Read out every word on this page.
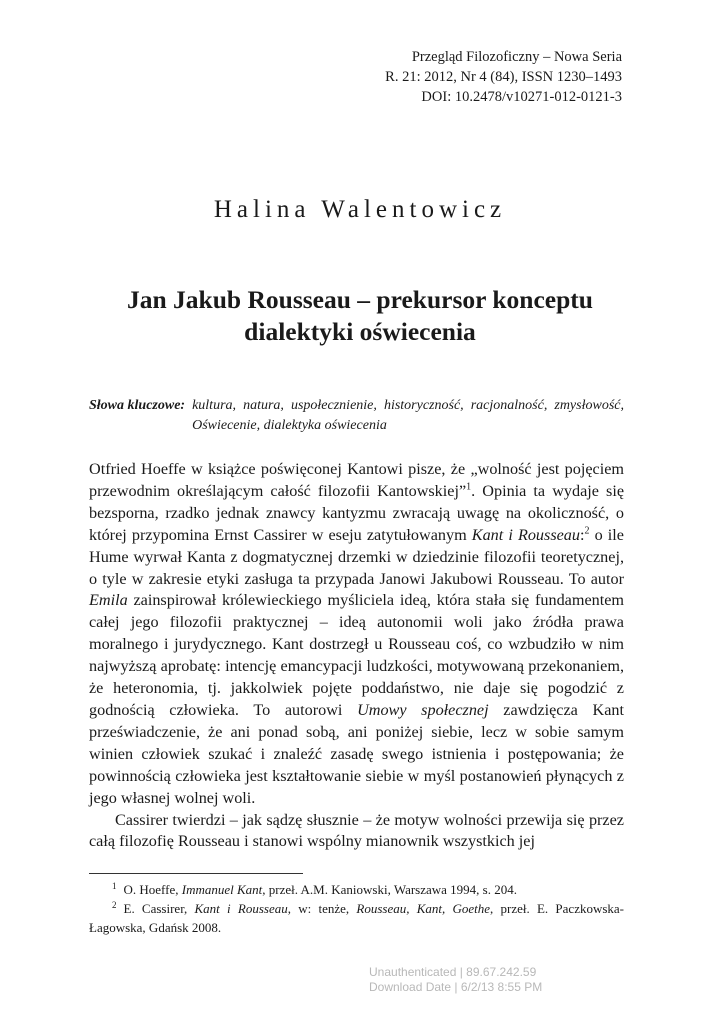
Przegląd Filozoficzny – Nowa Seria
R. 21: 2012, Nr 4 (84), ISSN 1230–1493
DOI: 10.2478/v10271-012-0121-3
Halina Walentowicz
Jan Jakub Rousseau – prekursor konceptu
dialektyki oświecenia
Słowa kluczowe: kultura, natura, uspołecznienie, historyczność, racjonalność, zmysłowość, Oświecenie, dialektyka oświecenia

Otfried Hoeffe w książce poświęconej Kantowi pisze, że „wolność jest pojęciem przewodnim określającym całość filozofii Kantowskiej”$^1$. Opinia ta wydaje się bezsporna, rzadko jednak znawcy kantyzmu zwracają uwagę na okoliczność, o której przypomina Ernst Cassirer w eseju zatytułowanym Kant i Rousseau:$^2$ o ile Hume wyrwał Kanta z dogmatycznej drzemki w dziedzinie filozofii teoretycznej, o tyle w zakresie etyki zasługa ta przypada Janowi Jakubowi Rousseau. To autor Emila zainspirował królewieckiego myśliciela ideą, która stała się fundamentem całej jego filozofii praktycznej – ideą autonomii woli jako źródła prawa moralnego i jurydycznego. Kant dostrzegł u Rousseau coś, co wzbudziło w nim najwyższą aprobatę: intencję emancypacji ludzkości, motywowaną przekonaniem, że heteronomia, tj. jakkolwiek pojęte poddaństwo, nie daje się pogodzić z godnością człowieka. To autorowi Umowy społecznej zawdzięcza Kant przeświadczenie, że ani ponad sobą, ani poniżej siebie, lecz w sobie samym winien człowiek szukać i znaleźć zasadę swego istnienia i postępowania; że powinnością człowieka jest kształtowanie siebie w myśl postanowień płynących z jego własnej wolnej woli.

Cassirer twierdzi – jak sądzę słusznie – że motyw wolności przewija się przez całą filozofię Rousseau i stanowi wspólny mianownik wszystkich jej

$^1$ O. Hoeffe, Immanuel Kant, przeł. A.M. Kaniowski, Warszawa 1994, s. 204.

$^2$ E. Cassirer, Kant i Rousseau, w: tenże, Rousseau, Kant, Goethe, przeł. E. Paczkowska-Łagowska, Gdańsk 2008.

Unauthenticated | 89.67.242.59
Download Date | 6/2/13 8:55 PM
